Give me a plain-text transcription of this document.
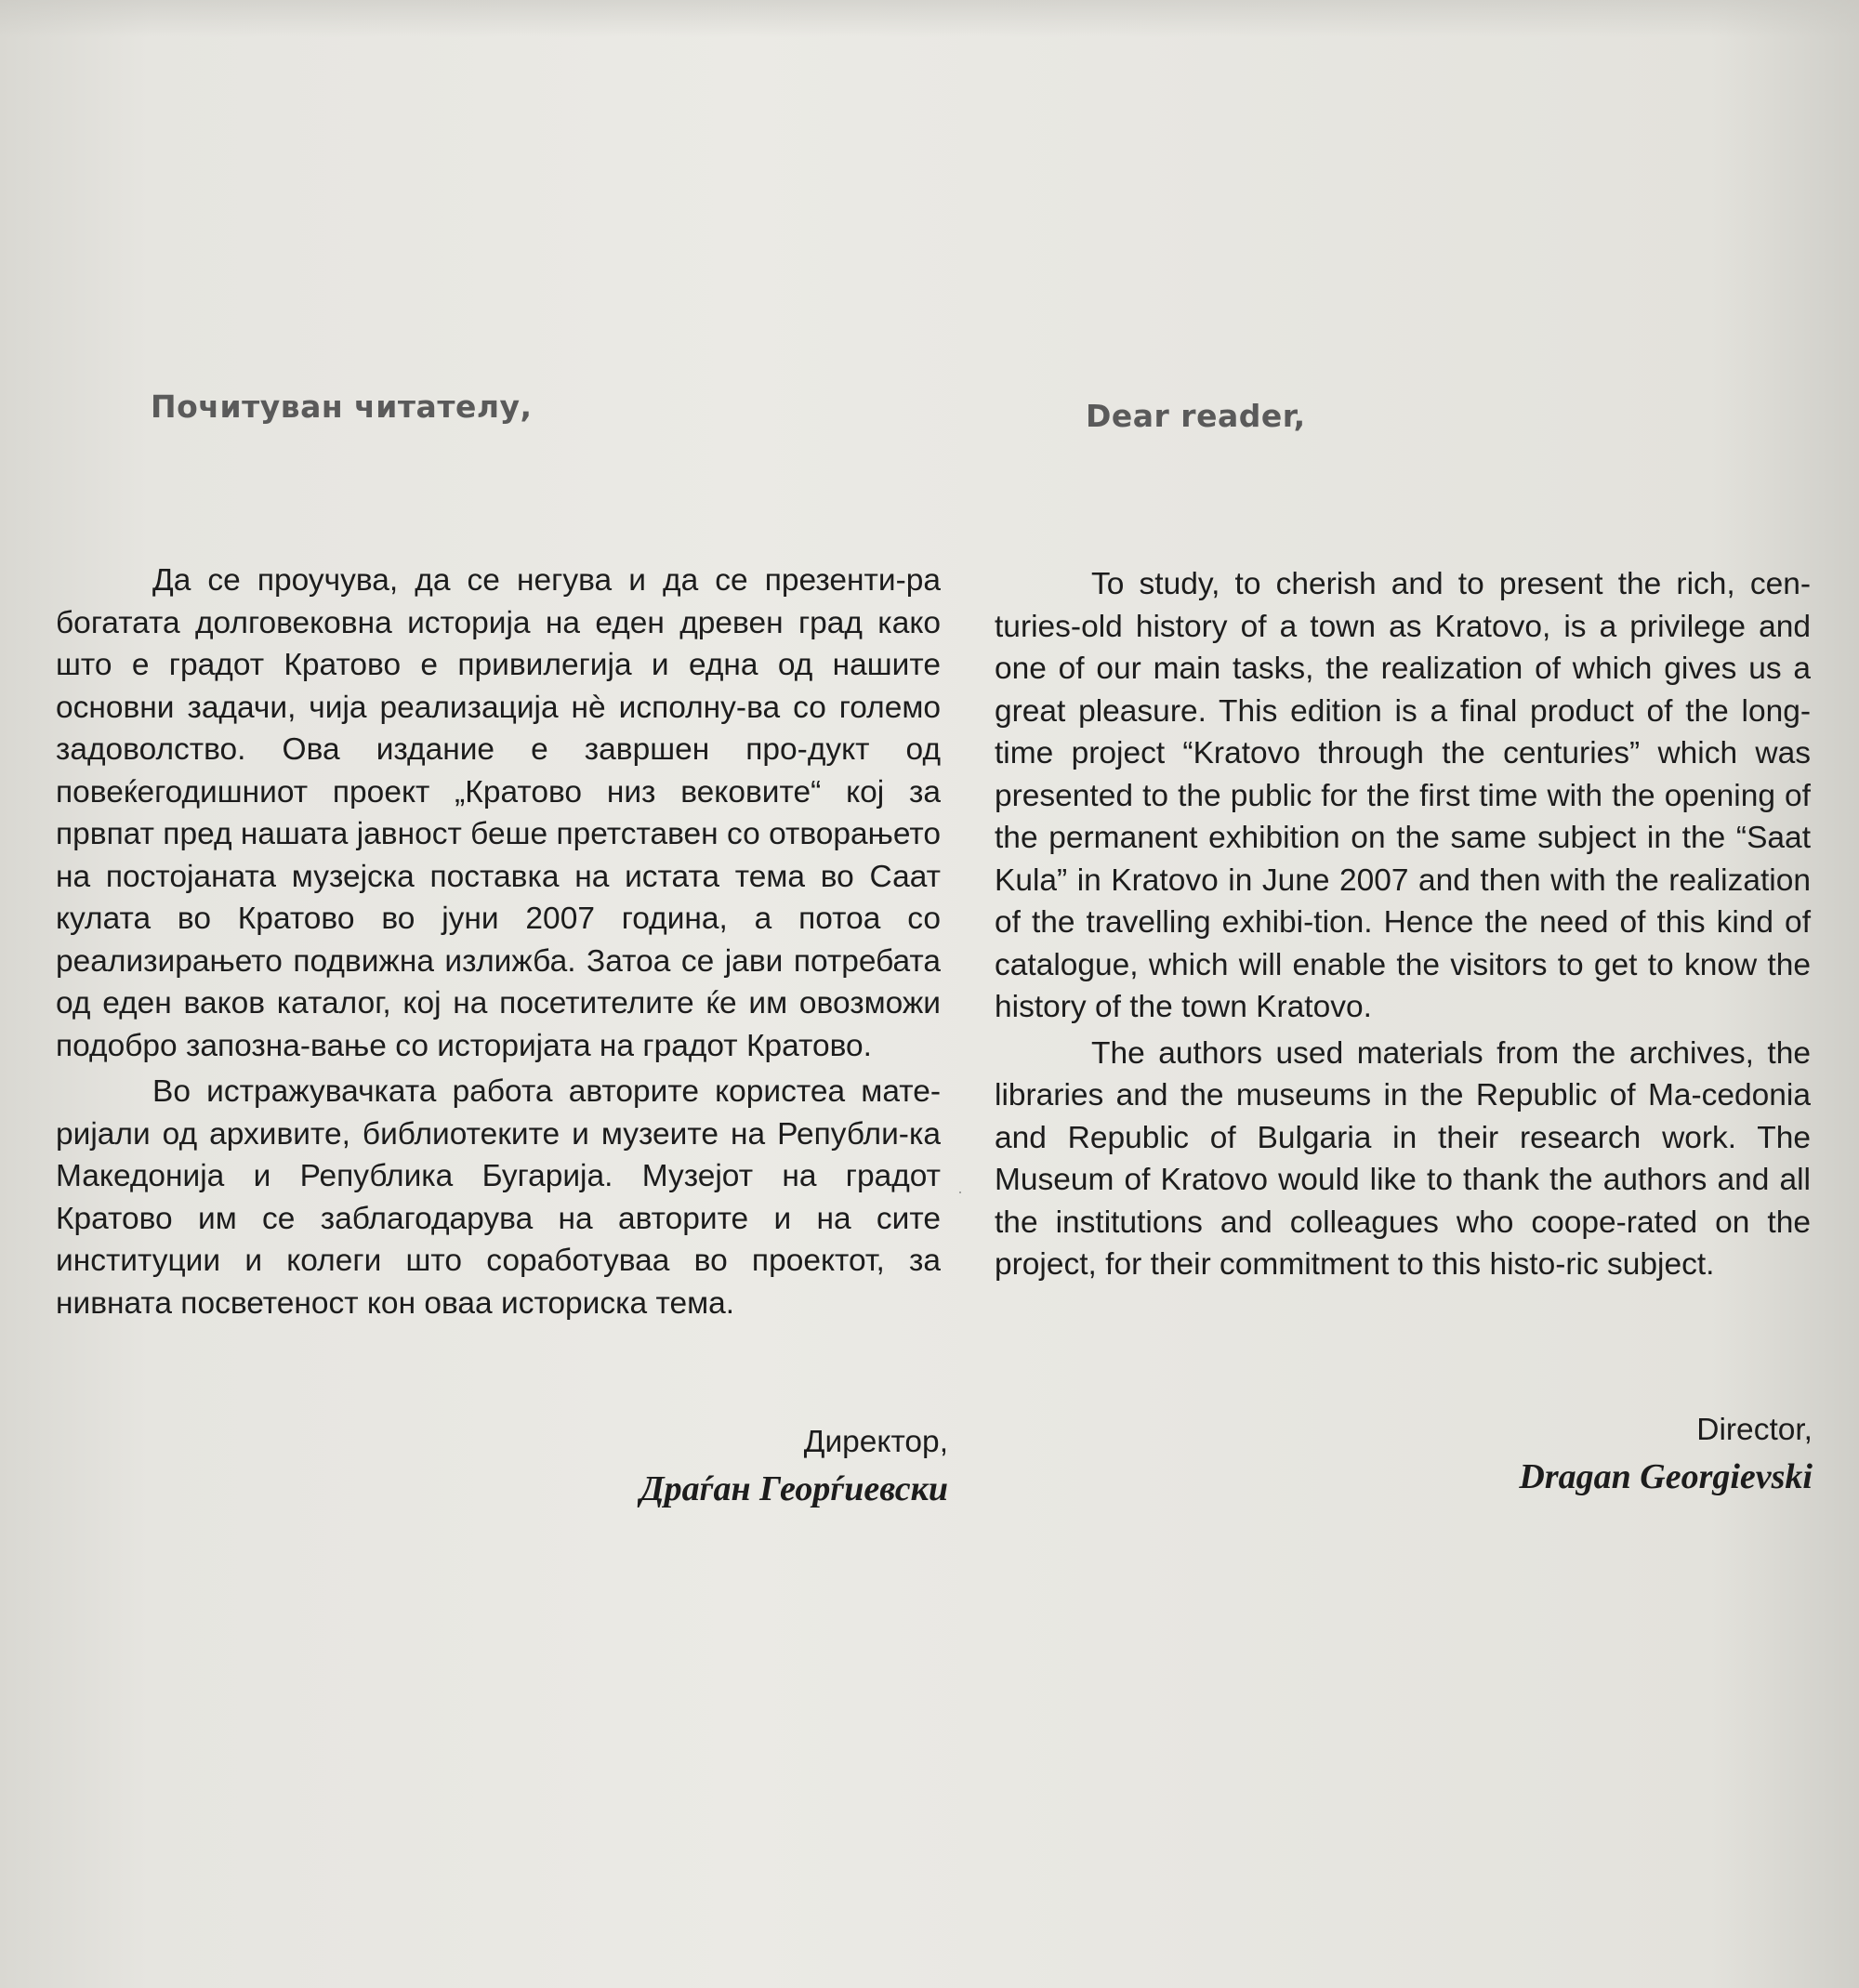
Почитуван читателу,

Да се проучува, да се негува и да се презенти-ра богатата долговековна историја на еден древен град како што е градот Кратово е привилегија и една од нашите основни задачи, чија реализација нѐ исполну-ва со големо задоволство. Ова издание е завршен про-дукт од повеќегодишниот проект „Кратово низ вековите“ кој за првпат пред нашата јавност беше претставен со отворањето на постојаната музејска поставка на истата тема во Саат кулата во Кратово во јуни 2007 година, а потоа со реализирањето подвижна излижба. Затоа се јави потребата од еден ваков каталог, кој на посетителите ќе им овозможи подобро запозна-вање со историјата на градот Кратово.

Во истражувачката работа авторите користеа мате-ријали од архивите, библиотеките и музеите на Републи-ка Македонија и Република Бугарија. Музејот на градот Кратово им се заблагодарува на авторите и на сите институции и колеги што соработуваа во проектот, за нивната посветеност кон оваа историска тема.

Директор,
Драѓан Георѓиевски
Dear reader,

To study, to cherish and to present the rich, cen-turies-old history of a town as Kratovo, is a privilege and one of our main tasks, the realization of which gives us a great pleasure. This edition is a final product of the long-time project “Kratovo through the centuries” which was presented to the public for the first time with the opening of the permanent exhibition on the same subject in the “Saat Kula” in Kratovo in June 2007 and then with the realization of the travelling exhibi-tion. Hence the need of this kind of catalogue, which will enable the visitors to get to know the history of the town Kratovo.

The authors used materials from the archives, the libraries and the museums in the Republic of Ma-cedonia and Republic of Bulgaria in their research work. The Museum of Kratovo would like to thank the authors and all the institutions and colleagues who coope-rated on the project, for their commitment to this histo-ric subject.

Director,
Dragan Georgievski
